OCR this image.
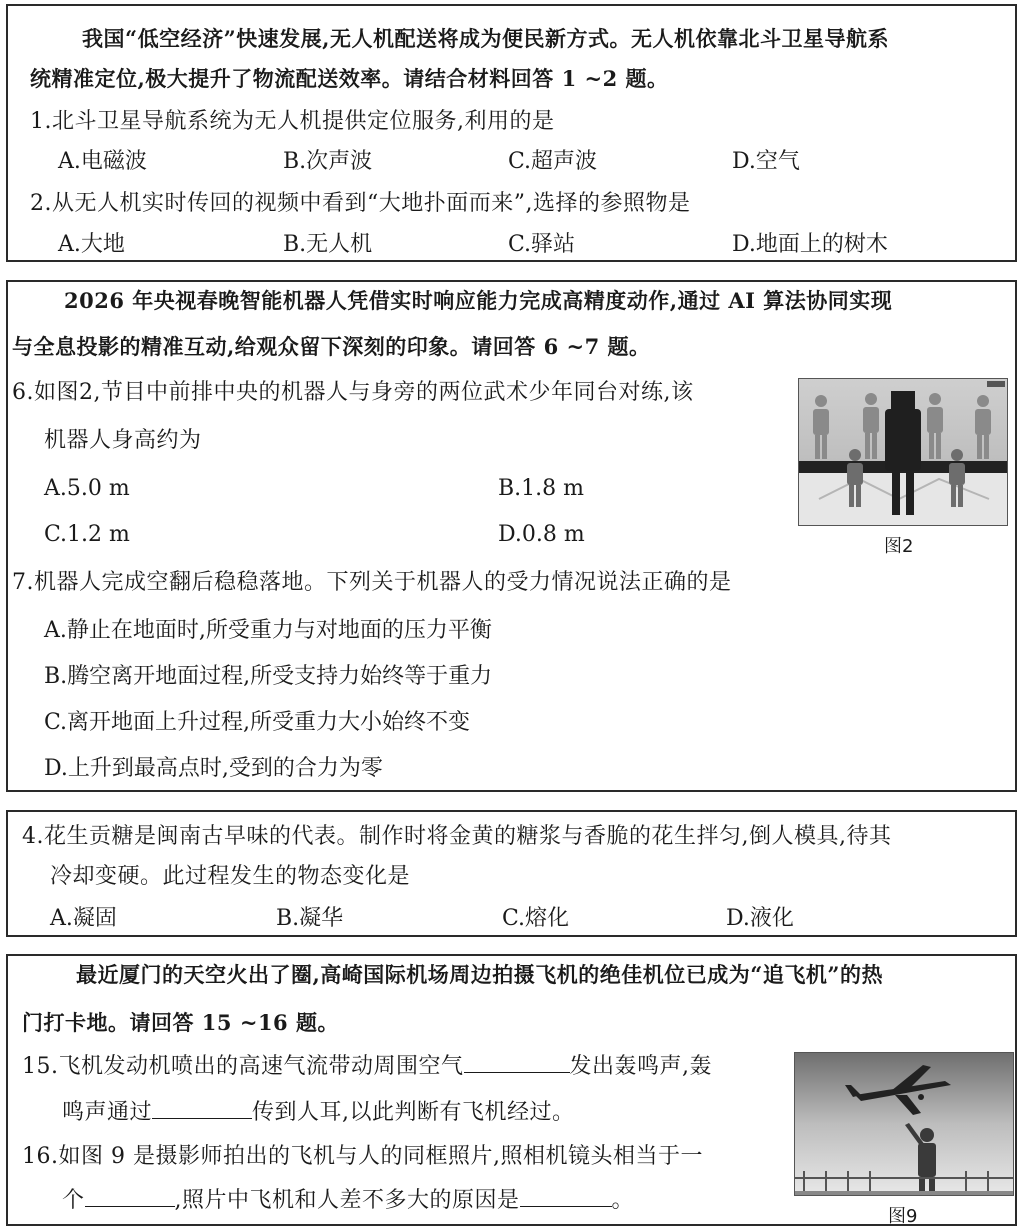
我国“低空经济”快速发展,无人机配送将成为便民新方式。无人机依靠北斗卫星导航系
统精准定位,极大提升了物流配送效率。请结合材料回答 1 ~2 题。
1.北斗卫星导航系统为无人机提供定位服务,利用的是
A.电磁波	B.次声波	C.超声波	D.空气
2.从无人机实时传回的视频中看到“大地扑面而来”,选择的参照物是
A.大地	B.无人机	C.驿站	D.地面上的树木
2026 年央视春晚智能机器人凭借实时响应能力完成高精度动作,通过 AI 算法协同实现
与全息投影的精准互动,给观众留下深刻的印象。请回答 6 ~7 题。
6.如图2,节目中前排中央的机器人与身旁的两位武术少年同台对练,该
机器人身高约为
A.5.0 m	B.1.8 m
C.1.2 m	D.0.8 m	图2
7.机器人完成空翻后稳稳落地。下列关于机器人的受力情况说法正确的是
A.静止在地面时,所受重力与对地面的压力平衡
B.腾空离开地面过程,所受支持力始终等于重力
C.离开地面上升过程,所受重力大小始终不变
D.上升到最高点时,受到的合力为零
4.花生贡糖是闽南古早味的代表。制作时将金黄的糖浆与香脆的花生拌匀,倒人模具,待其
冷却变硬。此过程发生的物态变化是
A.凝固	B.凝华	C.熔化	D.液化
最近厦门的天空火出了圈,高崎国际机场周边拍摄飞机的绝佳机位已成为“追飞机”的热
门打卡地。请回答 15 ~16 题。
15.飞机发动机喷出的高速气流带动周围空气	发出轰鸣声,轰
鸣声通过	传到人耳,以此判断有飞机经过。
16.如图 9 是摄影师拍出的飞机与人的同框照片,照相机镜头相当于一
个	,照片中飞机和人差不多大的原因是	。
图9
